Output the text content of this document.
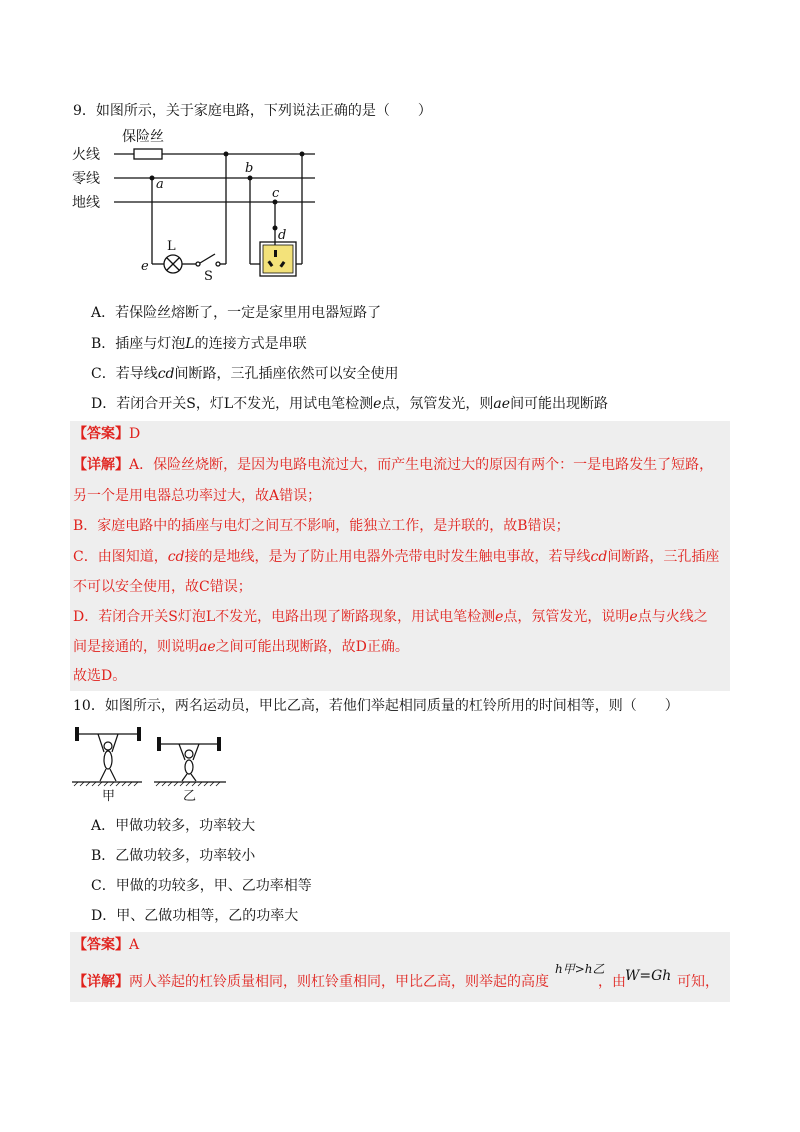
9．如图所示，关于家庭电路，下列说法正确的是（　　）
保险丝
火线
零线
地线
a
b
c
d
e
L
S
A．若保险丝熔断了，一定是家里用电器短路了
B．插座与灯泡L的连接方式是串联
C．若导线cd间断路，三孔插座依然可以安全使用
D．若闭合开关S，灯L不发光，用试电笔检测e点，氖管发光，则ae间可能出现断路
【答案】D
【详解】A．保险丝烧断，是因为电路电流过大，而产生电流过大的原因有两个：一是电路发生了短路，
另一个是用电器总功率过大，故A错误；
B．家庭电路中的插座与电灯之间互不影响，能独立工作，是并联的，故B错误；
C．由图知道，cd接的是地线，是为了防止用电器外壳带电时发生触电事故，若导线cd间断路，三孔插座
不可以安全使用，故C错误；
D．若闭合开关S灯泡L不发光，电路出现了断路现象，用试电笔检测e点，氖管发光，说明e点与火线之
间是接通的，则说明ae之间可能出现断路，故D正确。
故选D。
10．如图所示，两名运动员，甲比乙高，若他们举起相同质量的杠铃所用的时间相等，则（　　）
甲	乙
A．甲做功较多，功率较大
B．乙做功较多，功率较小
C．甲做的功较多，甲、乙功率相等
D．甲、乙做功相等，乙的功率大
【答案】A
【详解】两人举起的杠铃质量相同，则杠铃重相同，甲比乙高，则举起的高度
h甲>h乙
，由 W=Gh 可知，
